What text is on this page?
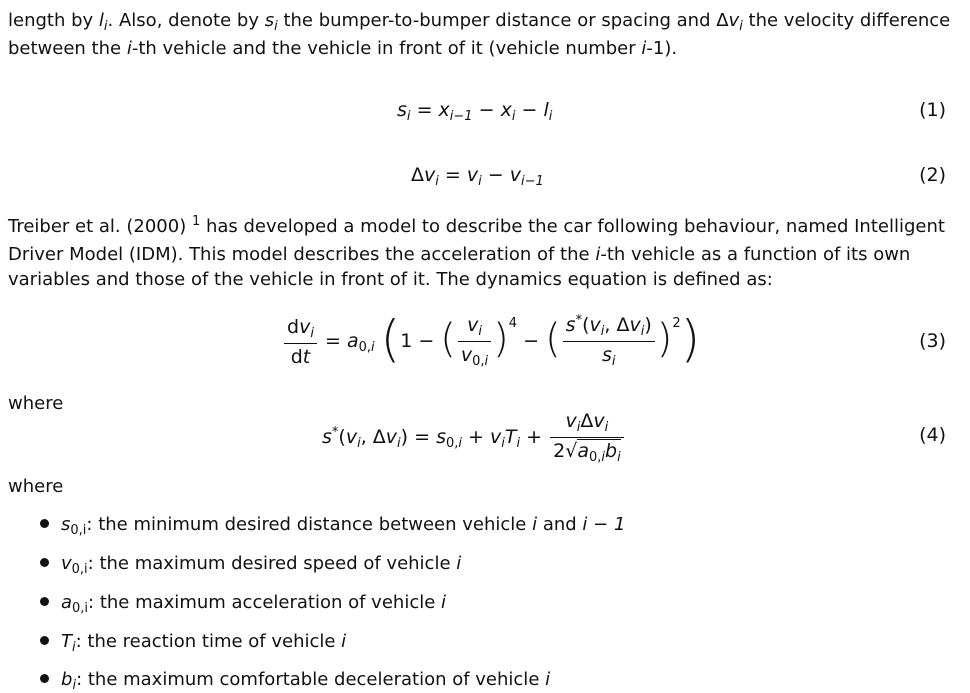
length by $l_i$. Also, denote by $s_i$ the bumper-to-bumper distance or spacing and $\Delta v_i$ the velocity difference between the i-th vehicle and the vehicle in front of it (vehicle number i-1).

$s_i = x_{i-1} - x_i - l_i$	(1)
$\Delta v_i = v_i - v_{i-1}$	(2)

Treiber et al. (2000) $^1$ has developed a model to describe the car following behaviour, named Intelligent Driver Model (IDM). This model describes the acceleration of the i-th vehicle as a function of its own variables and those of the vehicle in front of it. The dynamics equation is defined as:

$\frac{dv_i}{dt} = a_{0,i}$ (1 − ( $\frac{v_i}{v_{0,i}} )^4$ − ( $\frac{s^*(v_i, \Delta v_i)}{s_i} )^2$)	(3)
where
$s^*(v_i$, $\Delta v_i) = s_{0,i} + v_iT_i + \frac{v_i\Delta v_i}{2√a_{0,i}b_i}$	(4)
where
$s_{0,i}$: the minimum desired distance between vehicle i and i − 1
$v_{0,i}$: the maximum desired speed of vehicle i
$a_{0,i}$: the maximum acceleration of vehicle i
$T_i$: the reaction time of vehicle i
$b_i$: the maximum comfortable deceleration of vehicle i
